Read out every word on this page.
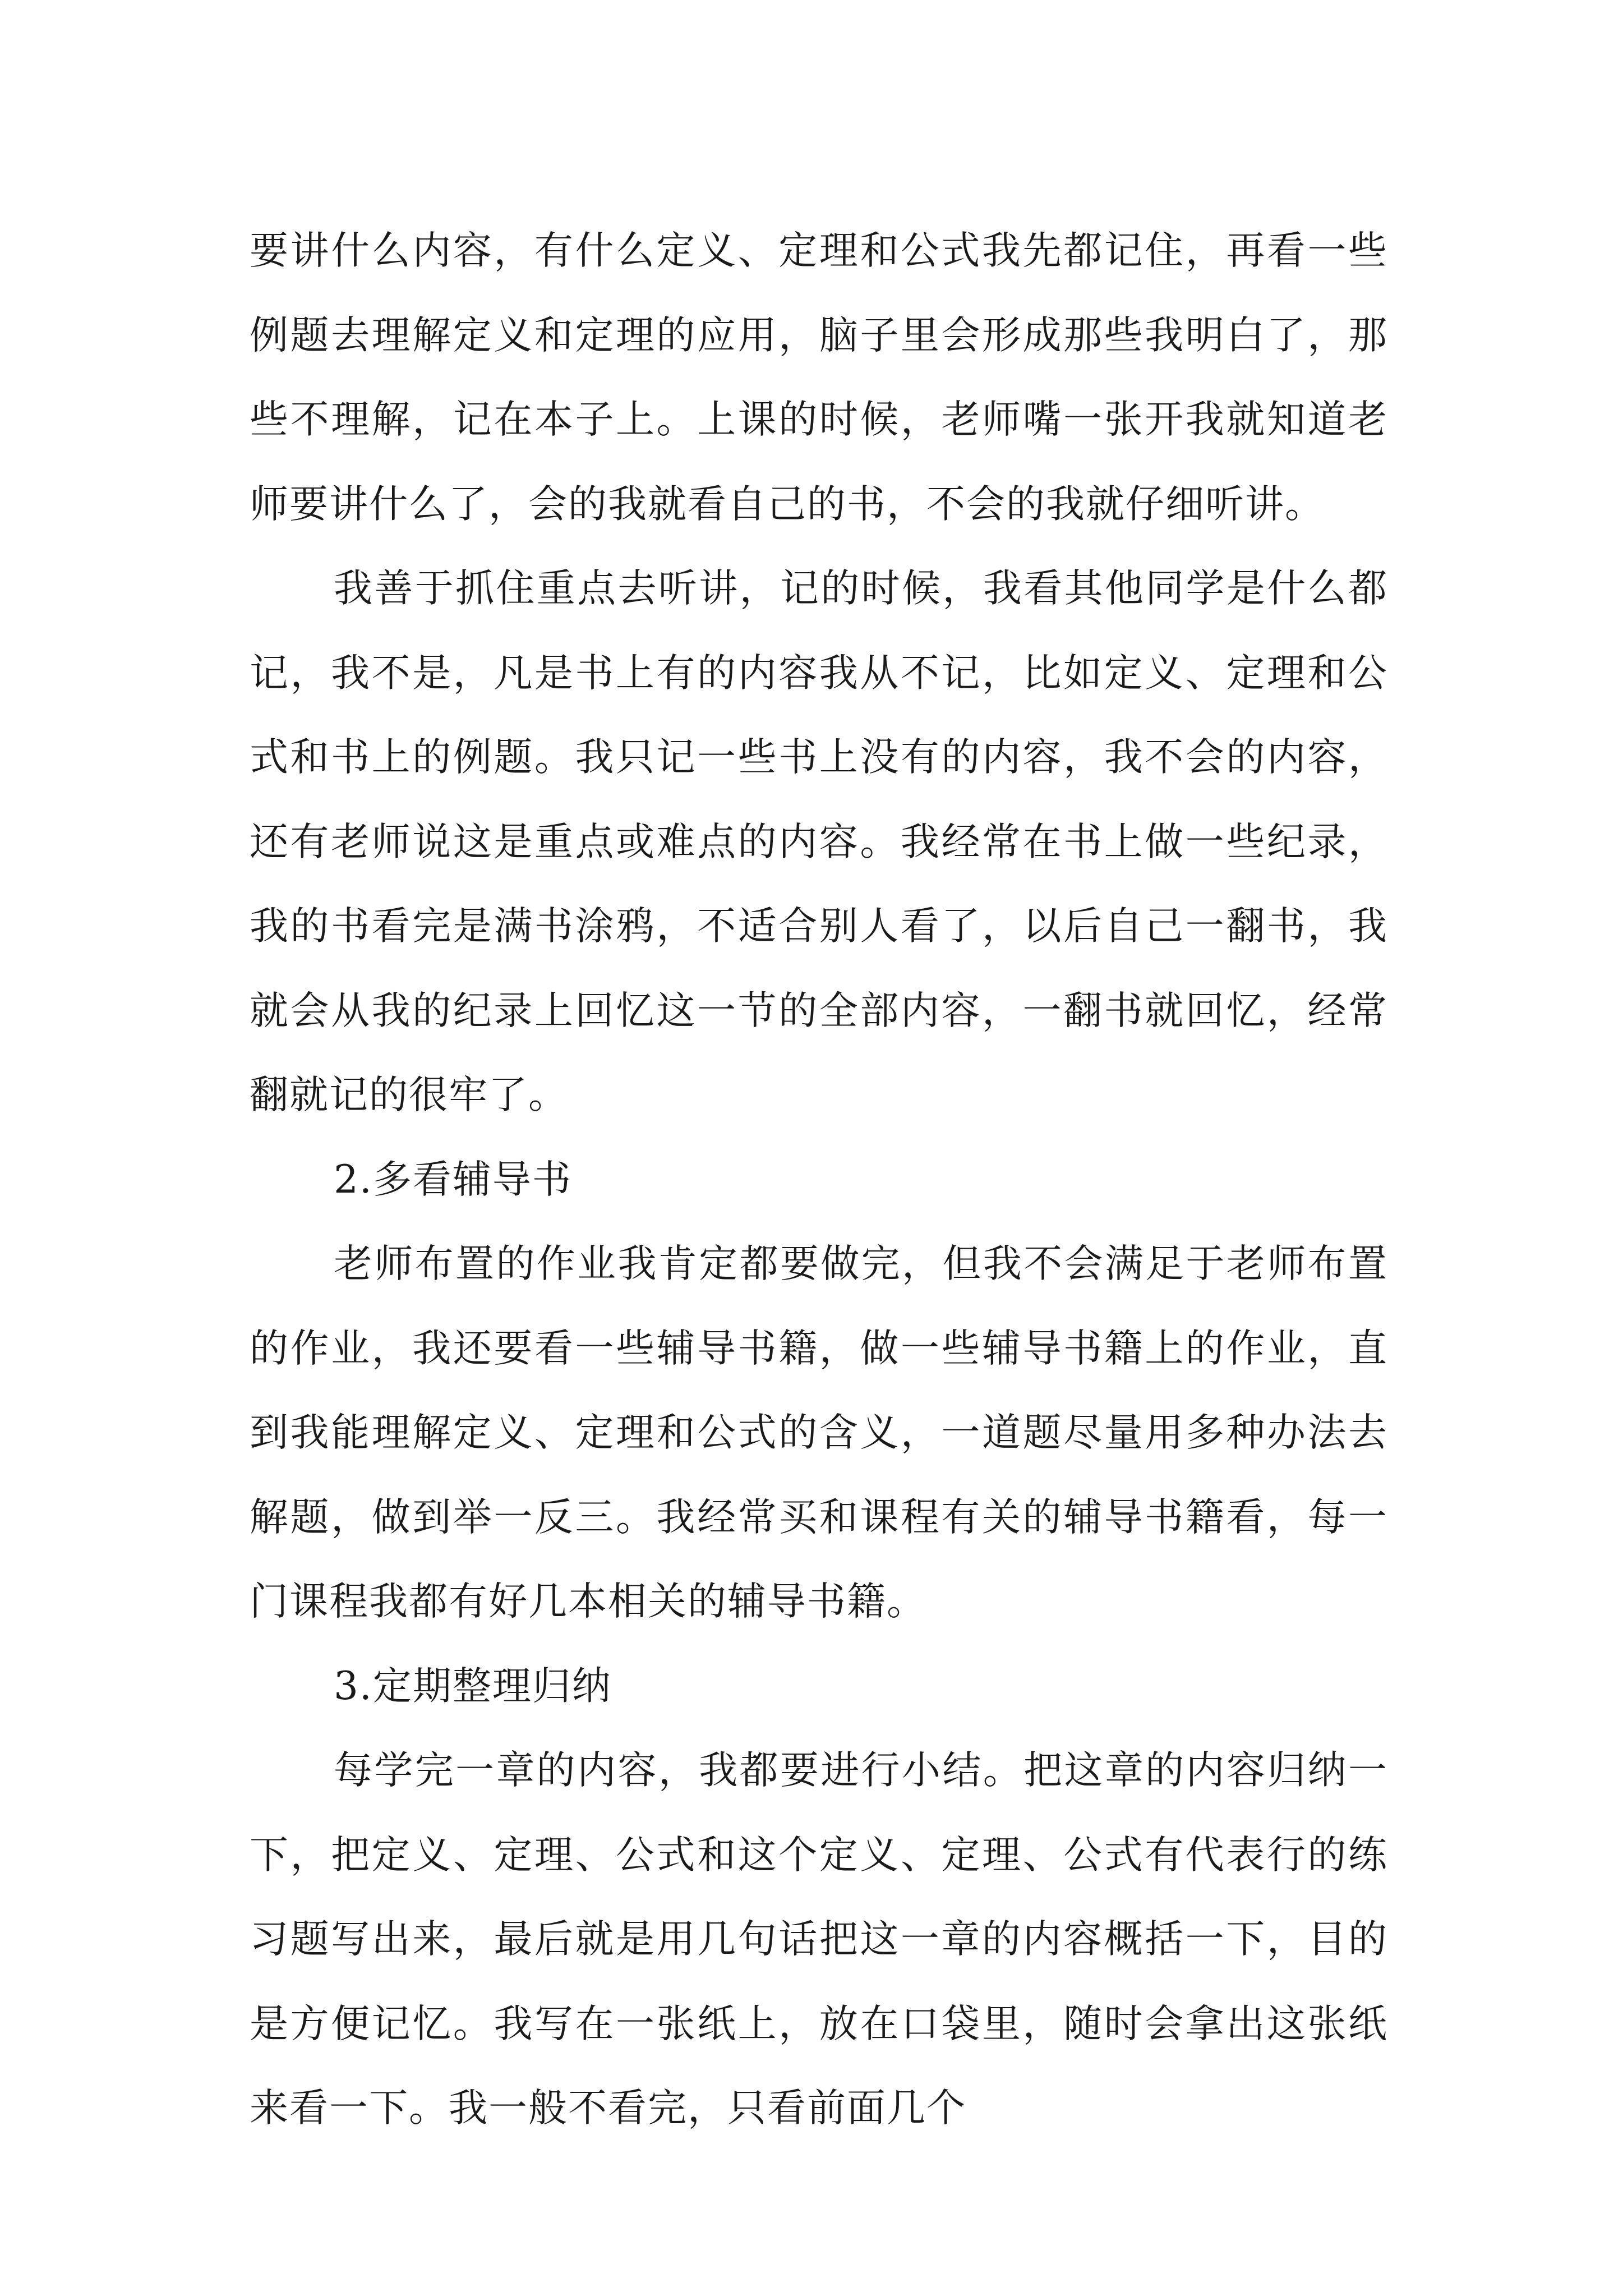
要讲什么内容，有什么定义、定理和公式我先都记住，再看一些例题去理解定义和定理的应用，脑子里会形成那些我明白了，那些不理解，记在本子上。上课的时候，老师嘴一张开我就知道老师要讲什么了，会的我就看自己的书，不会的我就仔细听讲。

我善于抓住重点去听讲，记的时候，我看其他同学是什么都记，我不是，凡是书上有的内容我从不记，比如定义、定理和公式和书上的例题。我只记一些书上没有的内容，我不会的内容，还有老师说这是重点或难点的内容。我经常在书上做一些纪录，我的书看完是满书涂鸦，不适合别人看了，以后自己一翻书，我就会从我的纪录上回忆这一节的全部内容，一翻书就回忆，经常翻就记的很牢了。

2.多看辅导书

老师布置的作业我肯定都要做完，但我不会满足于老师布置的作业，我还要看一些辅导书籍，做一些辅导书籍上的作业，直到我能理解定义、定理和公式的含义，一道题尽量用多种办法去解题，做到举一反三。我经常买和课程有关的辅导书籍看，每一门课程我都有好几本相关的辅导书籍。

3.定期整理归纳

每学完一章的内容，我都要进行小结。把这章的内容归纳一下，把定义、定理、公式和这个定义、定理、公式有代表行的练习题写出来，最后就是用几句话把这一章的内容概括一下，目的是方便记忆。我写在一张纸上，放在口袋里，随时会拿出这张纸来看一下。我一般不看完，只看前面几个
